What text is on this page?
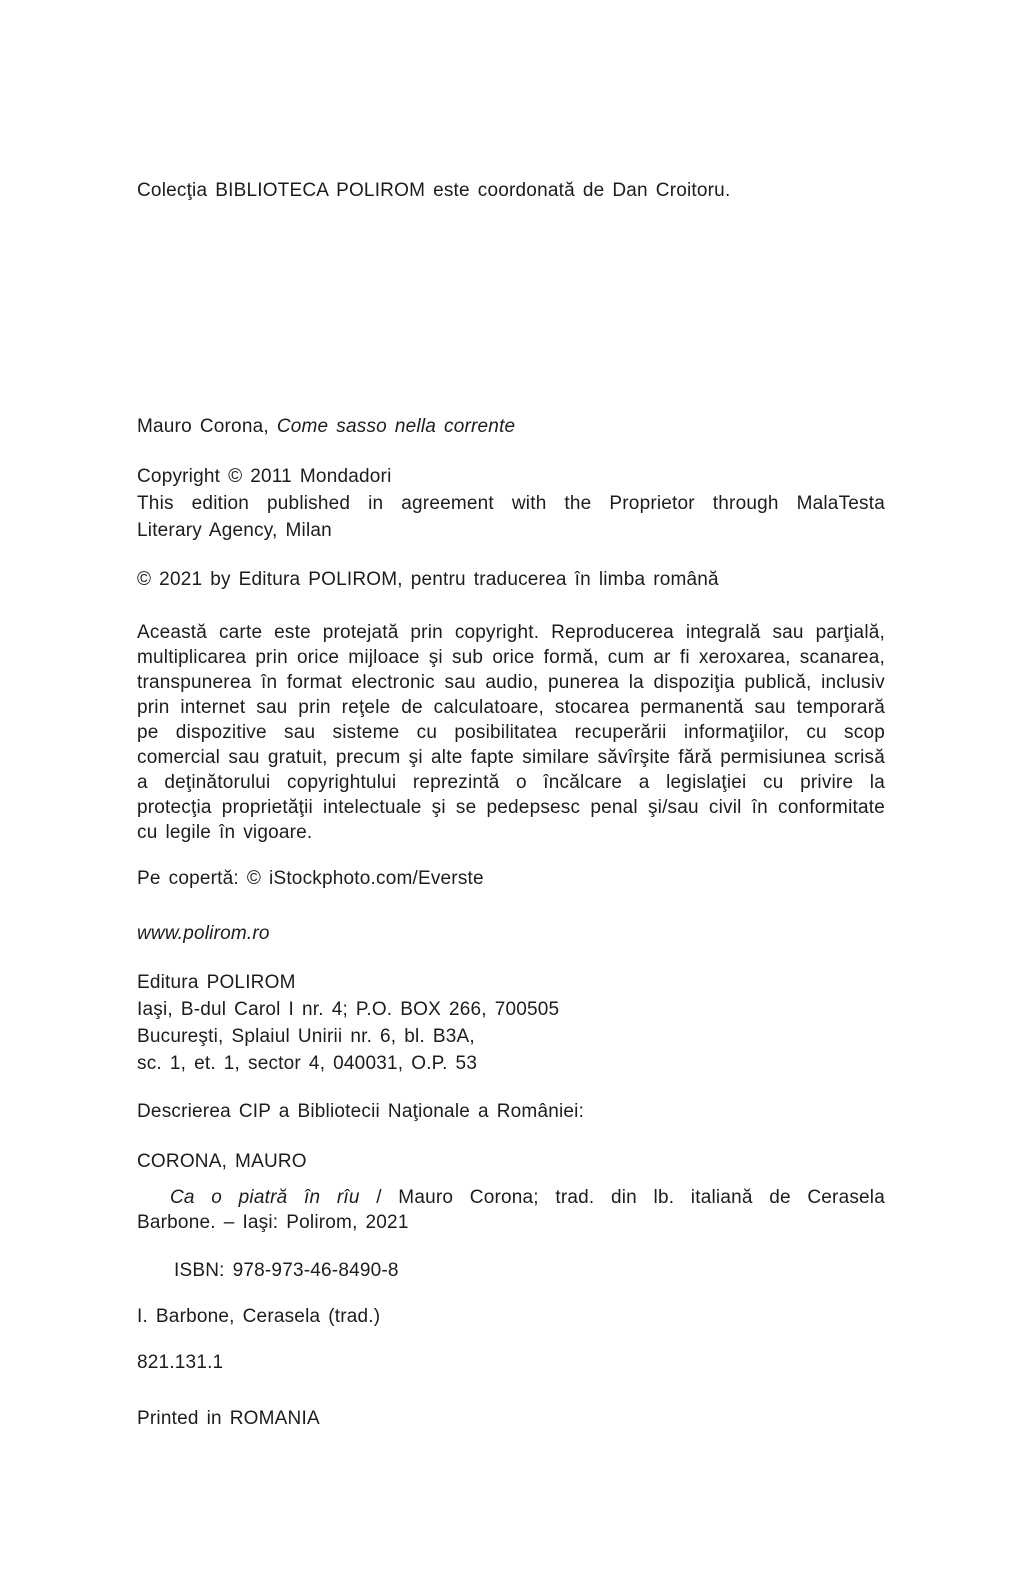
Colecţia BIBLIOTECA POLIROM este coordonată de Dan Croitoru.
Mauro Corona, Come sasso nella corrente
Copyright © 2011 Mondadori
This edition published in agreement with the Proprietor through MalaTesta
Literary Agency, Milan
© 2021 by Editura POLIROM, pentru traducerea în limba română
Această carte este protejată prin copyright. Reproducerea integrală sau parţială,
multiplicarea prin orice mijloace şi sub orice formă, cum ar fi xeroxarea, scanarea,
transpunerea în format electronic sau audio, punerea la dispoziţia publică, inclusiv
prin internet sau prin reţele de calculatoare, stocarea permanentă sau temporară
pe dispozitive sau sisteme cu posibilitatea recuperării informaţiilor, cu scop
comercial sau gratuit, precum şi alte fapte similare săvîrşite fără permisiunea scrisă
a deţinătorului copyrightului reprezintă o încălcare a legislaţiei cu privire la
protecţia proprietăţii intelectuale şi se pedepsesc penal şi/sau civil în conformitate
cu legile în vigoare.
Pe copertă: © iStockphoto.com/Everste
www.polirom.ro
Editura POLIROM
Iaşi, B-dul Carol I nr. 4; P.O. BOX 266, 700505
Bucureşti, Splaiul Unirii nr. 6, bl. B3A,
sc. 1, et. 1, sector 4, 040031, O.P. 53
Descrierea CIP a Bibliotecii Naţionale a României:
CORONA, MAURO
Ca o piatră în rîu / Mauro Corona; trad. din lb. italiană de Cerasela
Barbone. – Iaşi: Polirom, 2021
ISBN: 978-973-46-8490-8
I. Barbone, Cerasela (trad.)
821.131.1
Printed in ROMANIA
